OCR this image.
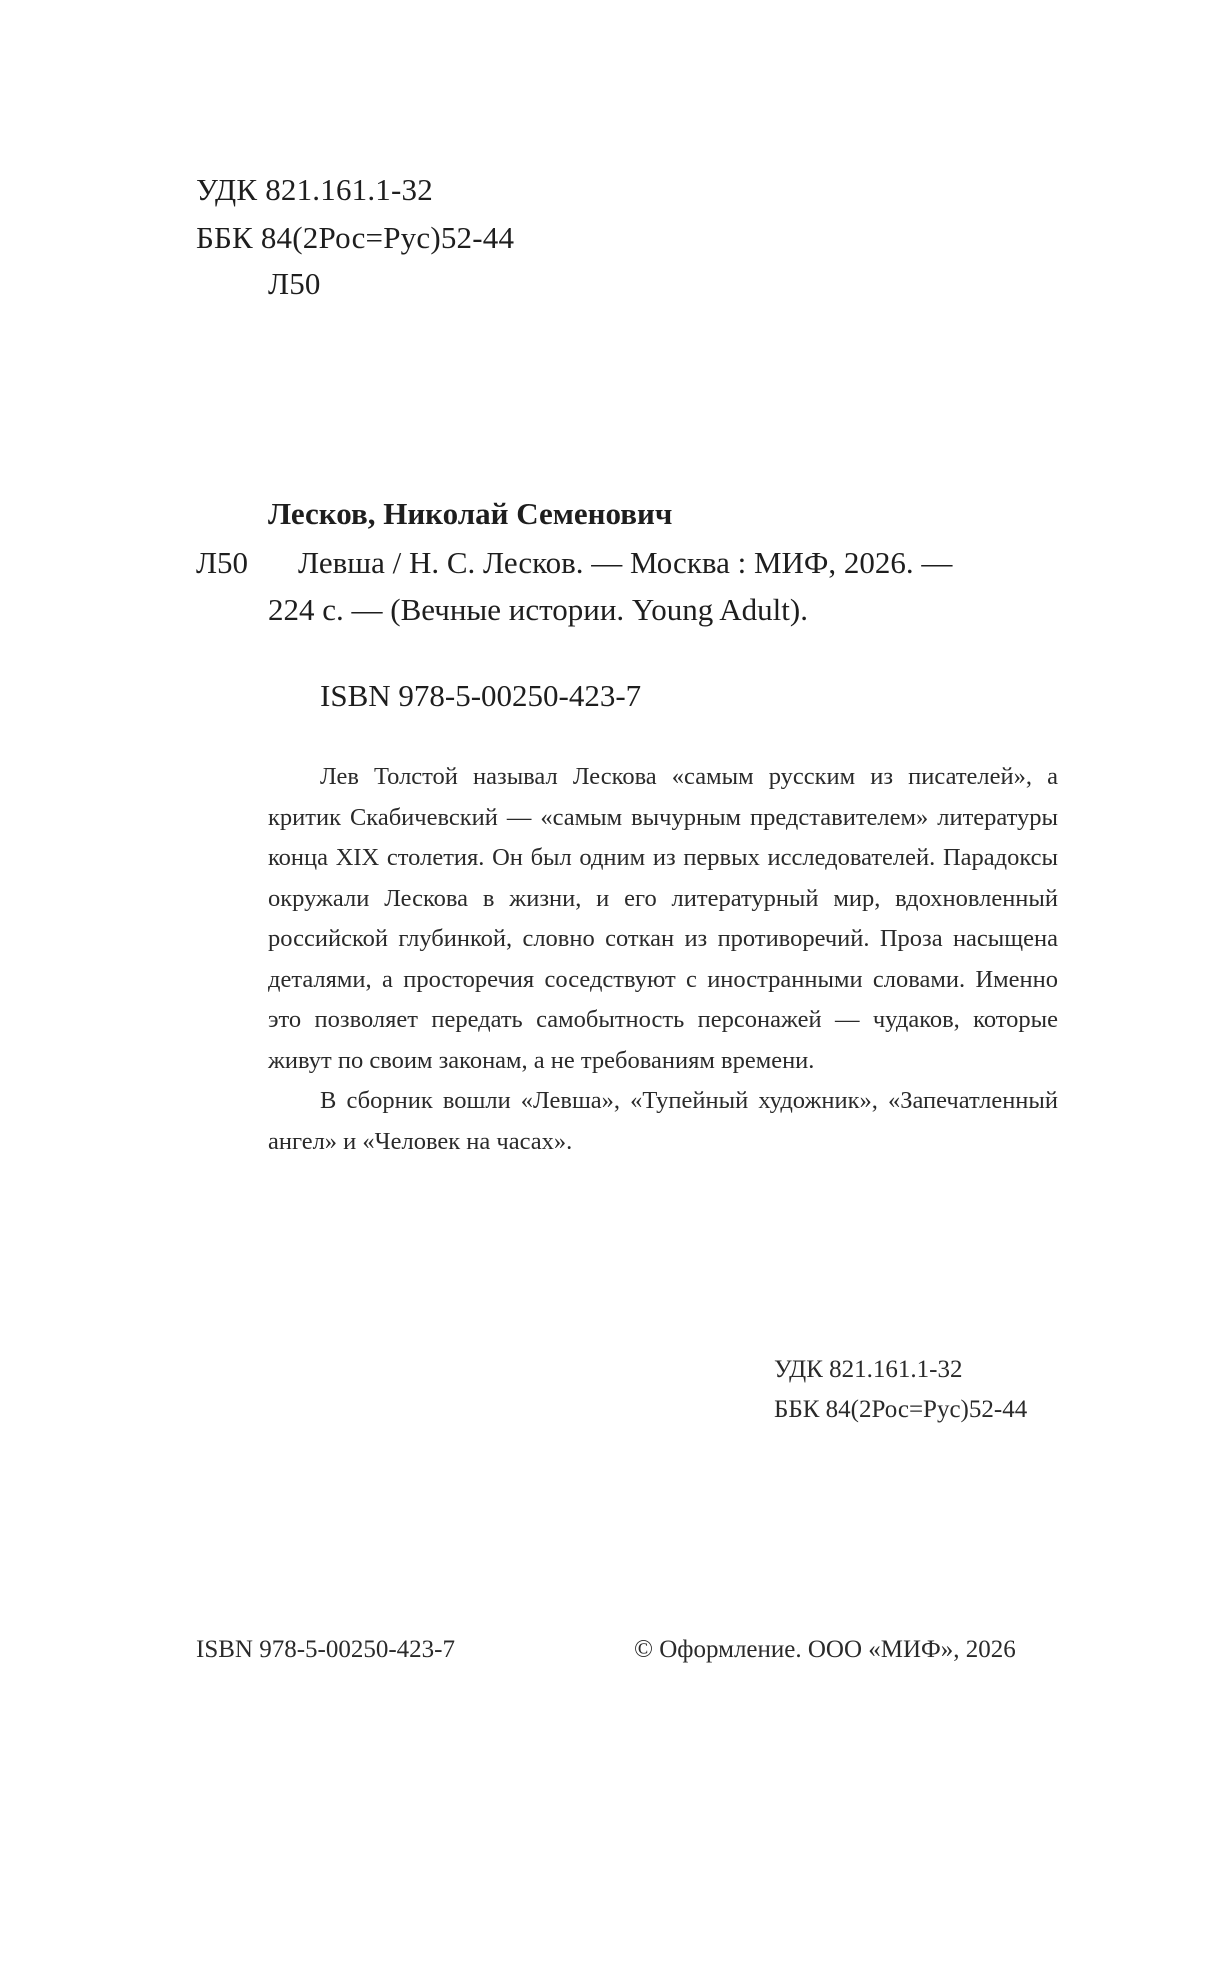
УДК 821.161.1-32
ББК 84(2Рос=Рус)52-44
Л50
Лесков, Николай Семенович
Л50 Левша / Н. С. Лесков. — Москва : МИФ, 2026. —
224 с. — (Вечные истории. Young Adult).
ISBN 978-5-00250-423-7

Лев Толстой называл Лескова «самым русским из писателей», а критик Скабичевский — «самым вычурным представителем» литературы конца XIX столетия. Он был одним из первых исследователей. Парадоксы окружали Лескова в жизни, и его литературный мир, вдохновленный российской глубинкой, словно соткан из противоречий. Проза насыщена деталями, а просторечия соседствуют с иностранными словами. Именно это позволяет передать самобытность персонажей — чудаков, которые живут по своим законам, а не требованиям времени.

В сборник вошли «Левша», «Тупейный художник», «Запечатленный ангел» и «Человек на часах».

УДК 821.161.1-32
ББК 84(2Рос=Рус)52-44
ISBN 978-5-00250-423-7	© Оформление. ООО «МИФ», 2026
